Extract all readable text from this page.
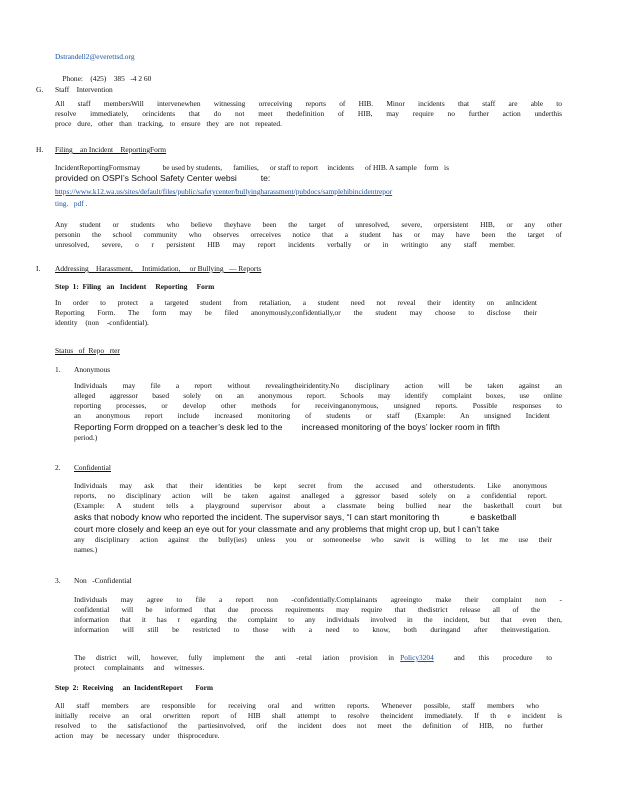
Dstrandell2@everettsd.org

Phone: (425)    385   -4 2 60

G. Staff    Intervention
All staff membersWill intervenewhen witnessing orreceiving reports of HIB. Minor incidents that staff are able to
resolve immediately, orincidents that do not meet thedefinition of HIB, may require no further action underthis
proce dure, other than tracking, to ensure they are not repeated.
H. Filing    an Incident    ReportingForm
IncidentReportingFormsmay            be used by students,      families,      or staff to report     incidents      of HIB. A sample    form   is
provided on OSPI’s School Safety Center websi          te:
https://www.k12.wa.us/sites/default/files/public/safetycenter/bullyingharassment/pubdocs/samplehibincidentrepor
ting.   pdf .
Any student or students who believe theyhave been the target of unresolved, severe, orpersistent HIB, or any other
personin the school community who observes orreceives notice that a student has or may have been the target of
unresolved, severe, o r persistent HIB may report incidents verbally or in writingto any staff member.
I. Addressing    Harassment,     Intimidation,     or Bullying   — Reports
Step  1:  Filing   an   Incident     Reporting     Form
In order to protect a targeted student from retaliation, a student need not reveal their identity on anIncident
Reporting Form. The form may be filed anonymously,confidentially,or the student may choose to disclose their
identity (non -confidential).
Status   of  Repo   rter
1. Anonymous
Individuals may file a report without revealingtheiridentity.No disciplinary action will be taken against an
alleged aggressor based solely on an anonymous report. Schools may identify complaint boxes, use online
reporting processes, or develop other methods for receivinganonymous, unsigned reports. Possible responses to
an anonymous report include increased monitoring of students or staff (Example: An unsigned Incident
Reporting Form dropped on a teacher’s desk led to the        increased monitoring of the boys’ locker room in fifth
period.)
2. Confidential
Individuals may ask that their identities be kept secret from the accused and otherstudents. Like anonymous
reports, no disciplinary action will be taken against analleged a ggressor based solely on a confidential report.
(Example: A student tells a playground supervisor about a classmate being bullied near the basketball court but
asks that nobody know who reported the incident. The supervisor says, “I can start monitoring th             e basketball
court more closely and keep an eye out for your classmate and any problems that might crop up, but I can’t take
any disciplinary action against the bully(ies) unless you or someoneelse who sawit is willing to let me use their
names.)
3. Non   -Confidential
Individuals may agree to file a report non -confidentially.Complainants agreeingto make their complaint non -
confidential will be informed that due process requirements may require that thedistrict release all of the
information that it has r egarding the complaint to any individuals involved in the incident, but that even then,
information will still be restricted to those with a need to know, both duringand after theinvestigation.
The district will, however, fully implement the anti -retal iation provision in Policy3204	and this procedure to
protect complainants and witnesses.
Step  2:  Receiving     an  IncidentReport       Form
All staff members are responsible for receiving oral and written reports. Whenever possible, staff members who
initially receive an oral orwritten report of HIB shall attempt to resolve theincident immediately. If th e incident is
resolved to the satisfactionof the partiesinvolved, orif the incident does not meet the definition of HIB, no further
action may be necessary under thisprocedure.
